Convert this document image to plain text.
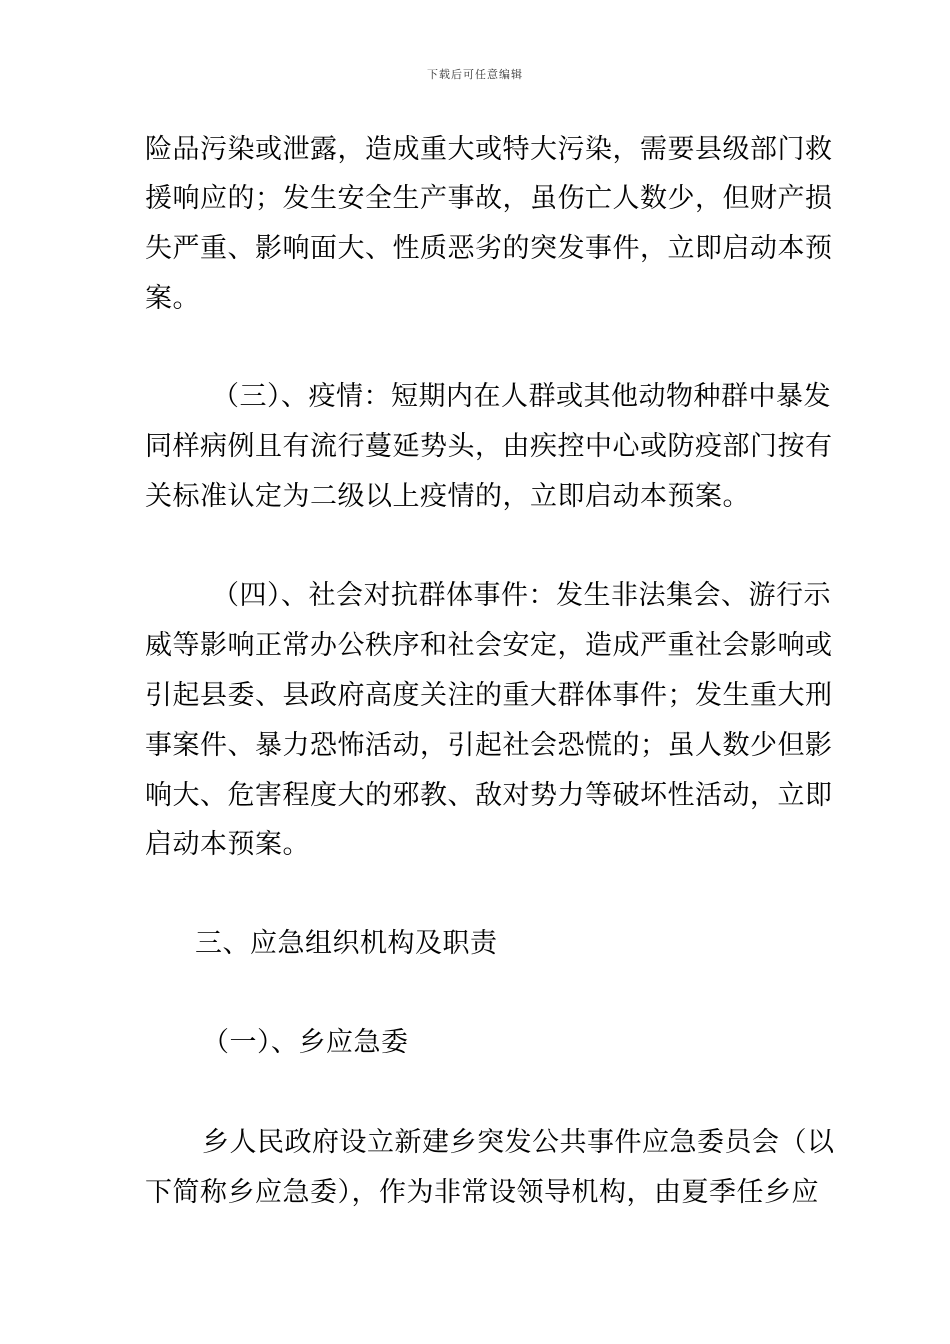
下载后可任意编辑
险品污染或泄露，造成重大或特大污染，需要县级部门救
援响应的；发生安全生产事故，虽伤亡人数少，但财产损
失严重、影响面大、性质恶劣的突发事件，立即启动本预
案。
（三）、疫情：短期内在人群或其他动物种群中暴发
同样病例且有流行蔓延势头，由疾控中心或防疫部门按有
关标准认定为二级以上疫情的，立即启动本预案。
（四）、社会对抗群体事件：发生非法集会、游行示
威等影响正常办公秩序和社会安定，造成严重社会影响或
引起县委、县政府高度关注的重大群体事件；发生重大刑
事案件、暴力恐怖活动，引起社会恐慌的；虽人数少但影
响大、危害程度大的邪教、敌对势力等破坏性活动，立即
启动本预案。
三、应急组织机构及职责
（一）、乡应急委
乡人民政府设立新建乡突发公共事件应急委员会（以
下简称乡应急委），作为非常设领导机构，由夏季任乡应
